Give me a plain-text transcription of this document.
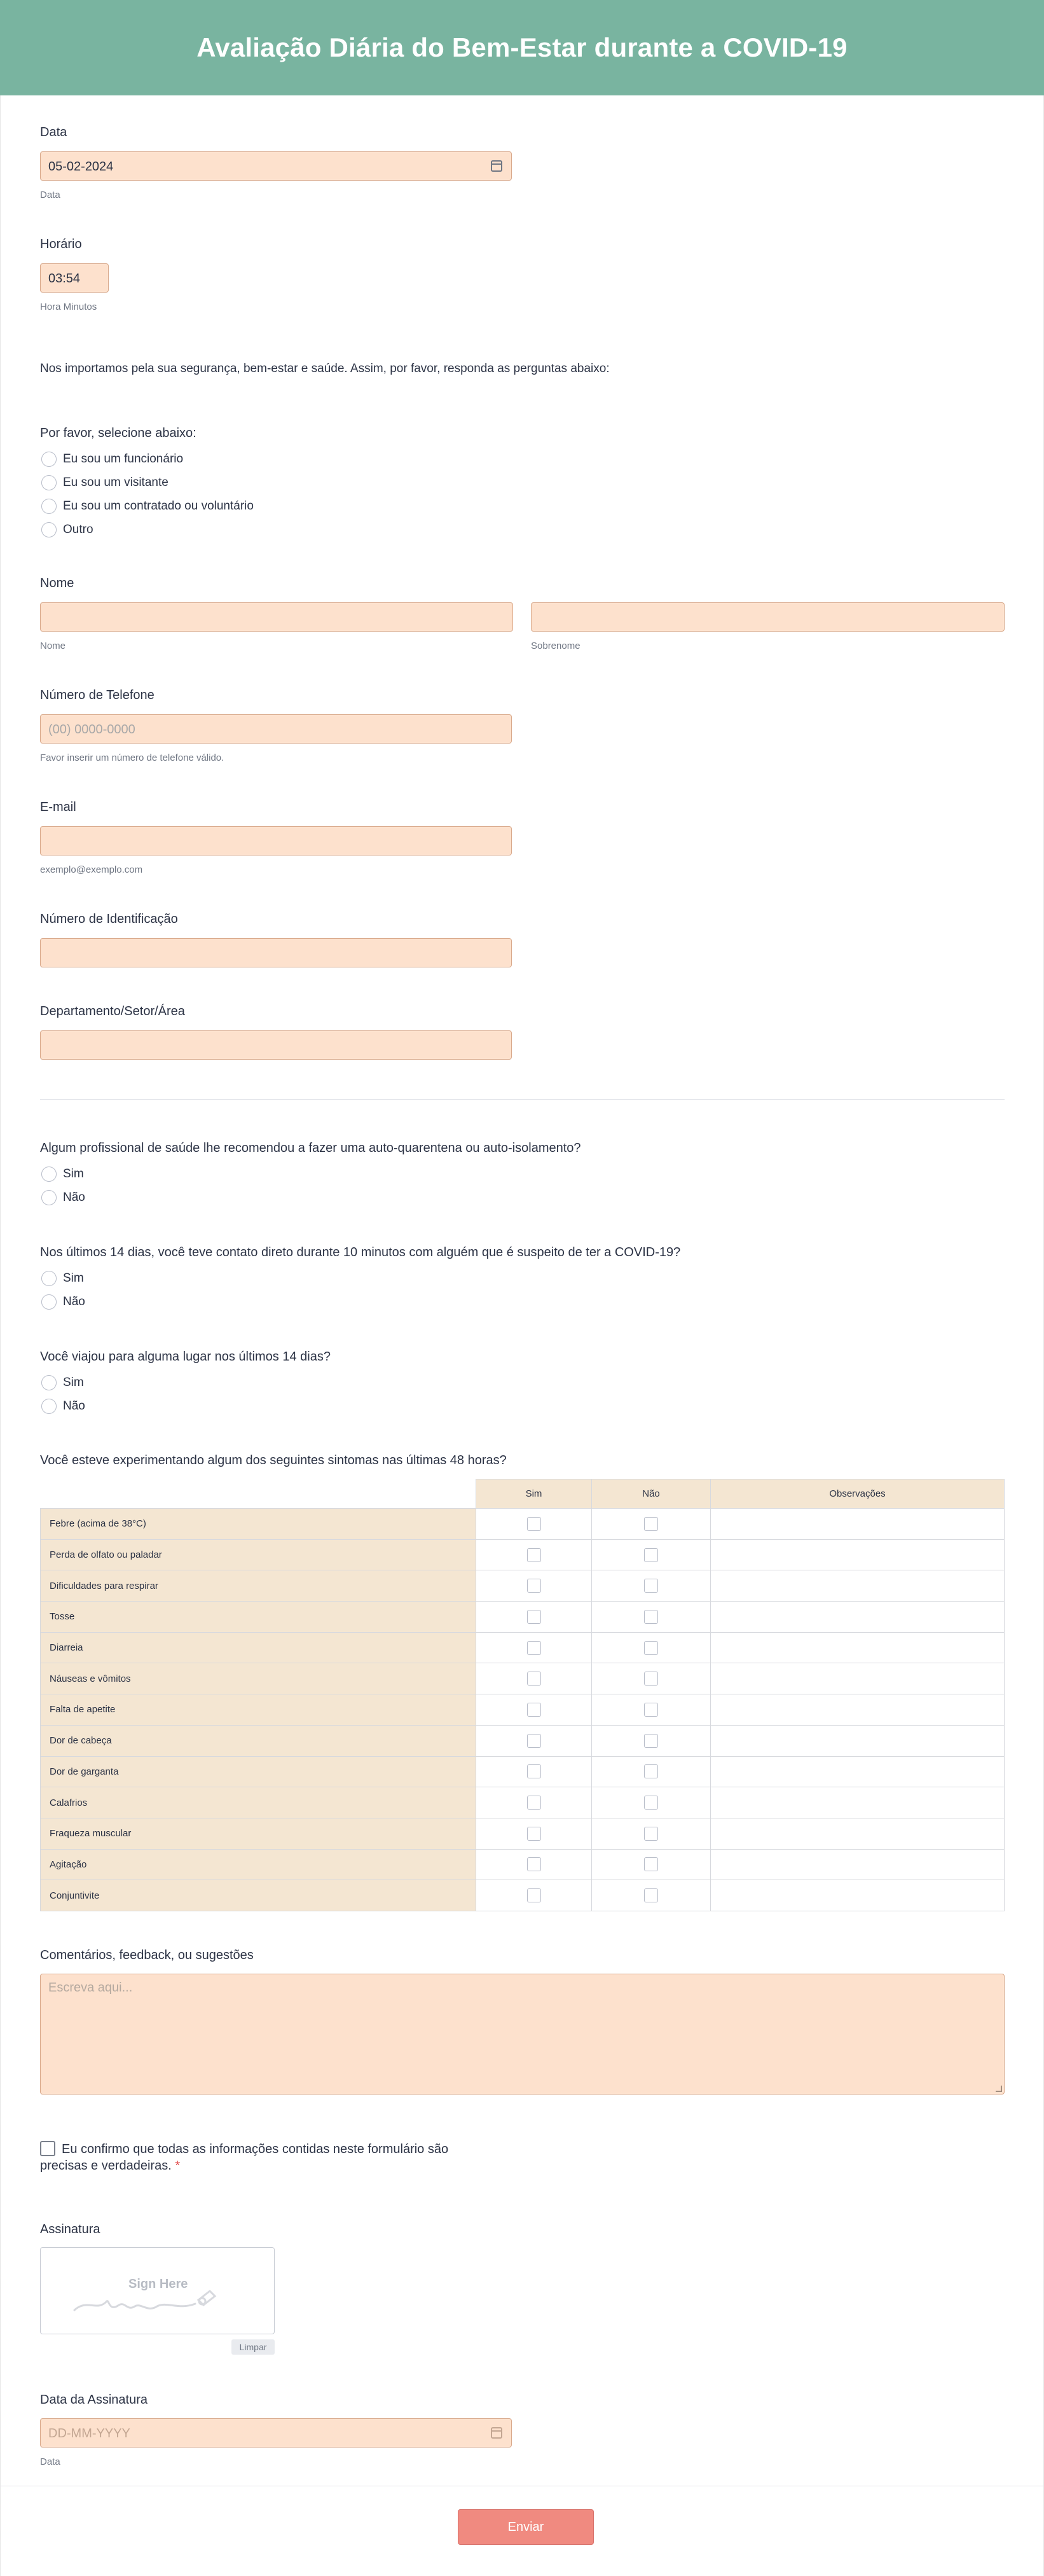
Avaliação Diária do Bem-Estar durante a COVID-19
Data
05-02-2024
Data
Horário
03:54
Hora Minutos
Nos importamos pela sua segurança, bem-estar e saúde. Assim, por favor, responda as perguntas abaixo:
Por favor, selecione abaixo:
Eu sou um funcionário
Eu sou um visitante
Eu sou um contratado ou voluntário
Outro
Nome
Nome	Sobrenome
Número de Telefone
(00) 0000-0000
Favor inserir um número de telefone válido.
E-mail
exemplo@exemplo.com
Número de Identificação
Departamento/Setor/Área
Algum profissional de saúde lhe recomendou a fazer uma auto-quarentena ou auto-isolamento?
Sim
Não
Nos últimos 14 dias, você teve contato direto durante 10 minutos com alguém que é suspeito de ter a COVID-19?
Sim
Não
Você viajou para alguma lugar nos últimos 14 dias?
Sim
Não
Você esteve experimentando algum dos seguintes sintomas nas últimas 48 horas?
	Sim	Não	Observações
Febre (acima de 38°C)			
Perda de olfato ou paladar			
Dificuldades para respirar			
Tosse			
Diarreia			
Náuseas e vômitos			
Falta de apetite			
Dor de cabeça			
Dor de garganta			
Calafrios			
Fraqueza muscular			
Agitação			
Conjuntivite			
Comentários, feedback, ou sugestões
Escreva aqui...
Eu confirmo que todas as informações contidas neste formulário são
precisas e verdadeiras. *
Assinatura
Sign Here
Limpar
Data da Assinatura
DD-MM-YYYY
Data
Enviar
